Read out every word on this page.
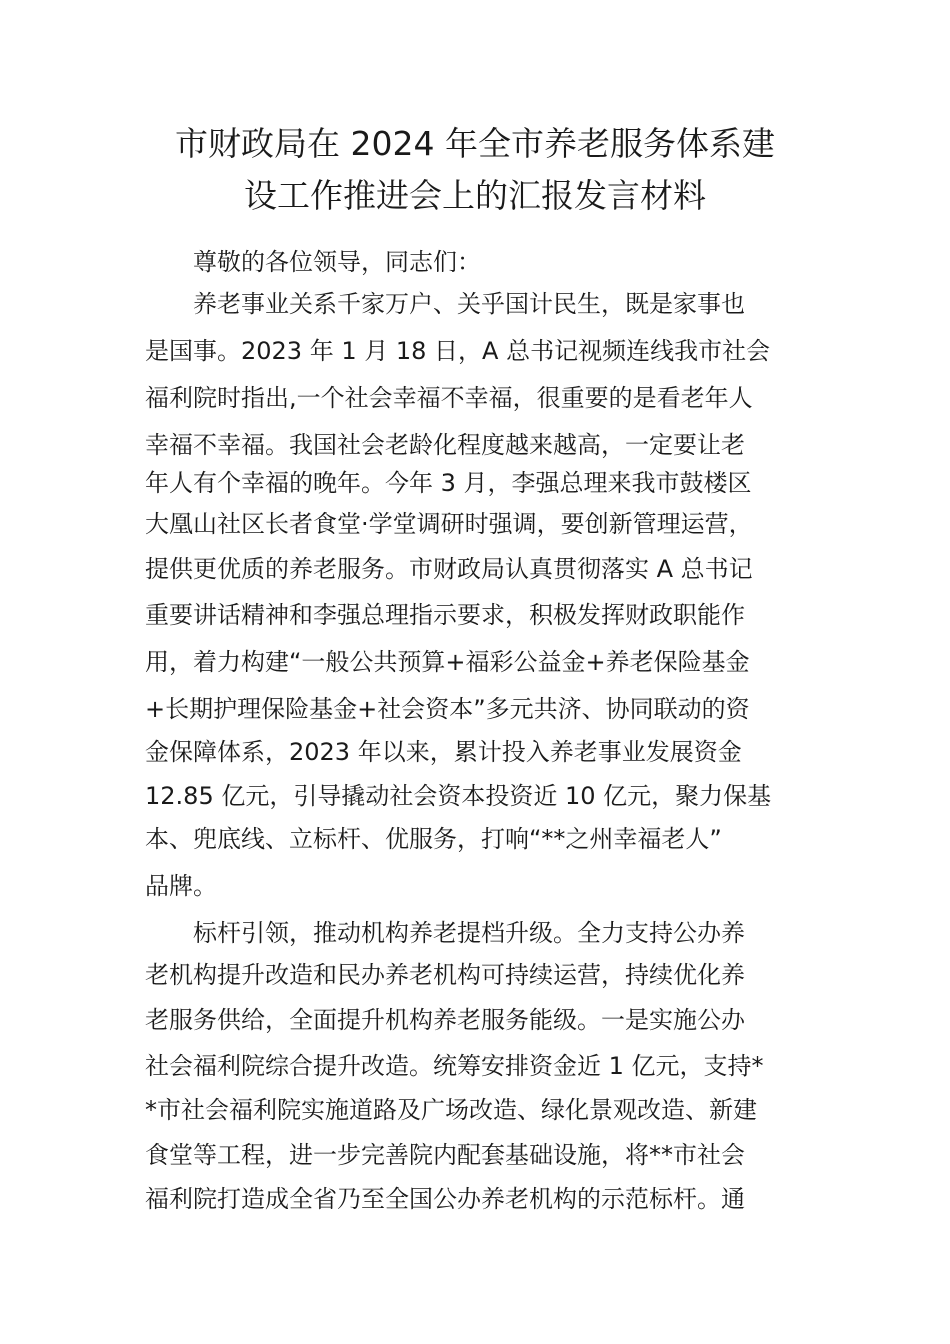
市财政局在 2024 年全市养老服务体系建
设工作推进会上的汇报发言材料

尊敬的各位领导，同志们：

养老事业关系千家万户、关乎国计民生，既是家事也

是国事。2023 年 1 月 18 日，A 总书记视频连线我市社会

福利院时指出,一个社会幸福不幸福，很重要的是看老年人

幸福不幸福。我国社会老龄化程度越来越高，一定要让老

年人有个幸福的晚年。今年 3 月，李强总理来我市鼓楼区

大凰山社区长者食堂·学堂调研时强调，要创新管理运营，

提供更优质的养老服务。市财政局认真贯彻落实 A 总书记

重要讲话精神和李强总理指示要求，积极发挥财政职能作

用，着力构建“一般公共预算+福彩公益金+养老保险基金

+长期护理保险基金+社会资本”多元共济、协同联动的资

金保障体系，2023 年以来，累计投入养老事业发展资金

12.85 亿元，引导撬动社会资本投资近 10 亿元，聚力保基

本、兜底线、立标杆、优服务，打响“**之州幸福老人”

品牌。

标杆引领，推动机构养老提档升级。全力支持公办养

老机构提升改造和民办养老机构可持续运营，持续优化养

老服务供给，全面提升机构养老服务能级。一是实施公办

社会福利院综合提升改造。统筹安排资金近 1 亿元，支持*

*市社会福利院实施道路及广场改造、绿化景观改造、新建

食堂等工程，进一步完善院内配套基础设施，将**市社会

福利院打造成全省乃至全国公办养老机构的示范标杆。通
